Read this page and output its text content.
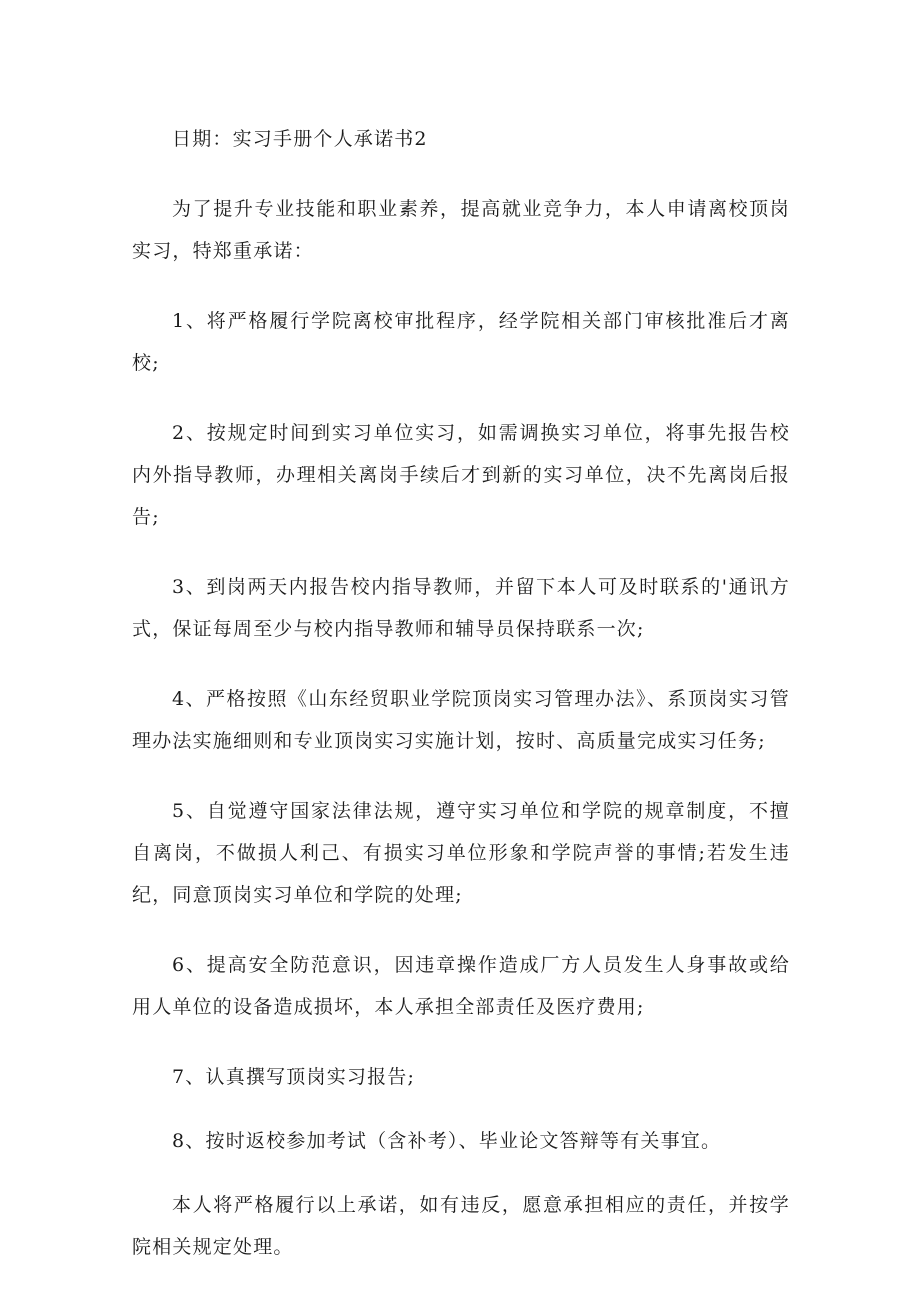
日期：实习手册个人承诺书2

为了提升专业技能和职业素养，提高就业竞争力，本人申请离校顶岗实习，特郑重承诺：

1、将严格履行学院离校审批程序，经学院相关部门审核批准后才离校;

2、按规定时间到实习单位实习，如需调换实习单位，将事先报告校内外指导教师，办理相关离岗手续后才到新的实习单位，决不先离岗后报告;

3、到岗两天内报告校内指导教师，并留下本人可及时联系的'通讯方式，保证每周至少与校内指导教师和辅导员保持联系一次;

4、严格按照《山东经贸职业学院顶岗实习管理办法》、系顶岗实习管理办法实施细则和专业顶岗实习实施计划，按时、高质量完成实习任务;

5、自觉遵守国家法律法规，遵守实习单位和学院的规章制度，不擅自离岗，不做损人利己、有损实习单位形象和学院声誉的事情;若发生违纪，同意顶岗实习单位和学院的处理;

6、提高安全防范意识，因违章操作造成厂方人员发生人身事故或给用人单位的设备造成损坏，本人承担全部责任及医疗费用;

7、认真撰写顶岗实习报告;

8、按时返校参加考试（含补考）、毕业论文答辩等有关事宜。

本人将严格履行以上承诺，如有违反，愿意承担相应的责任，并按学院相关规定处理。
